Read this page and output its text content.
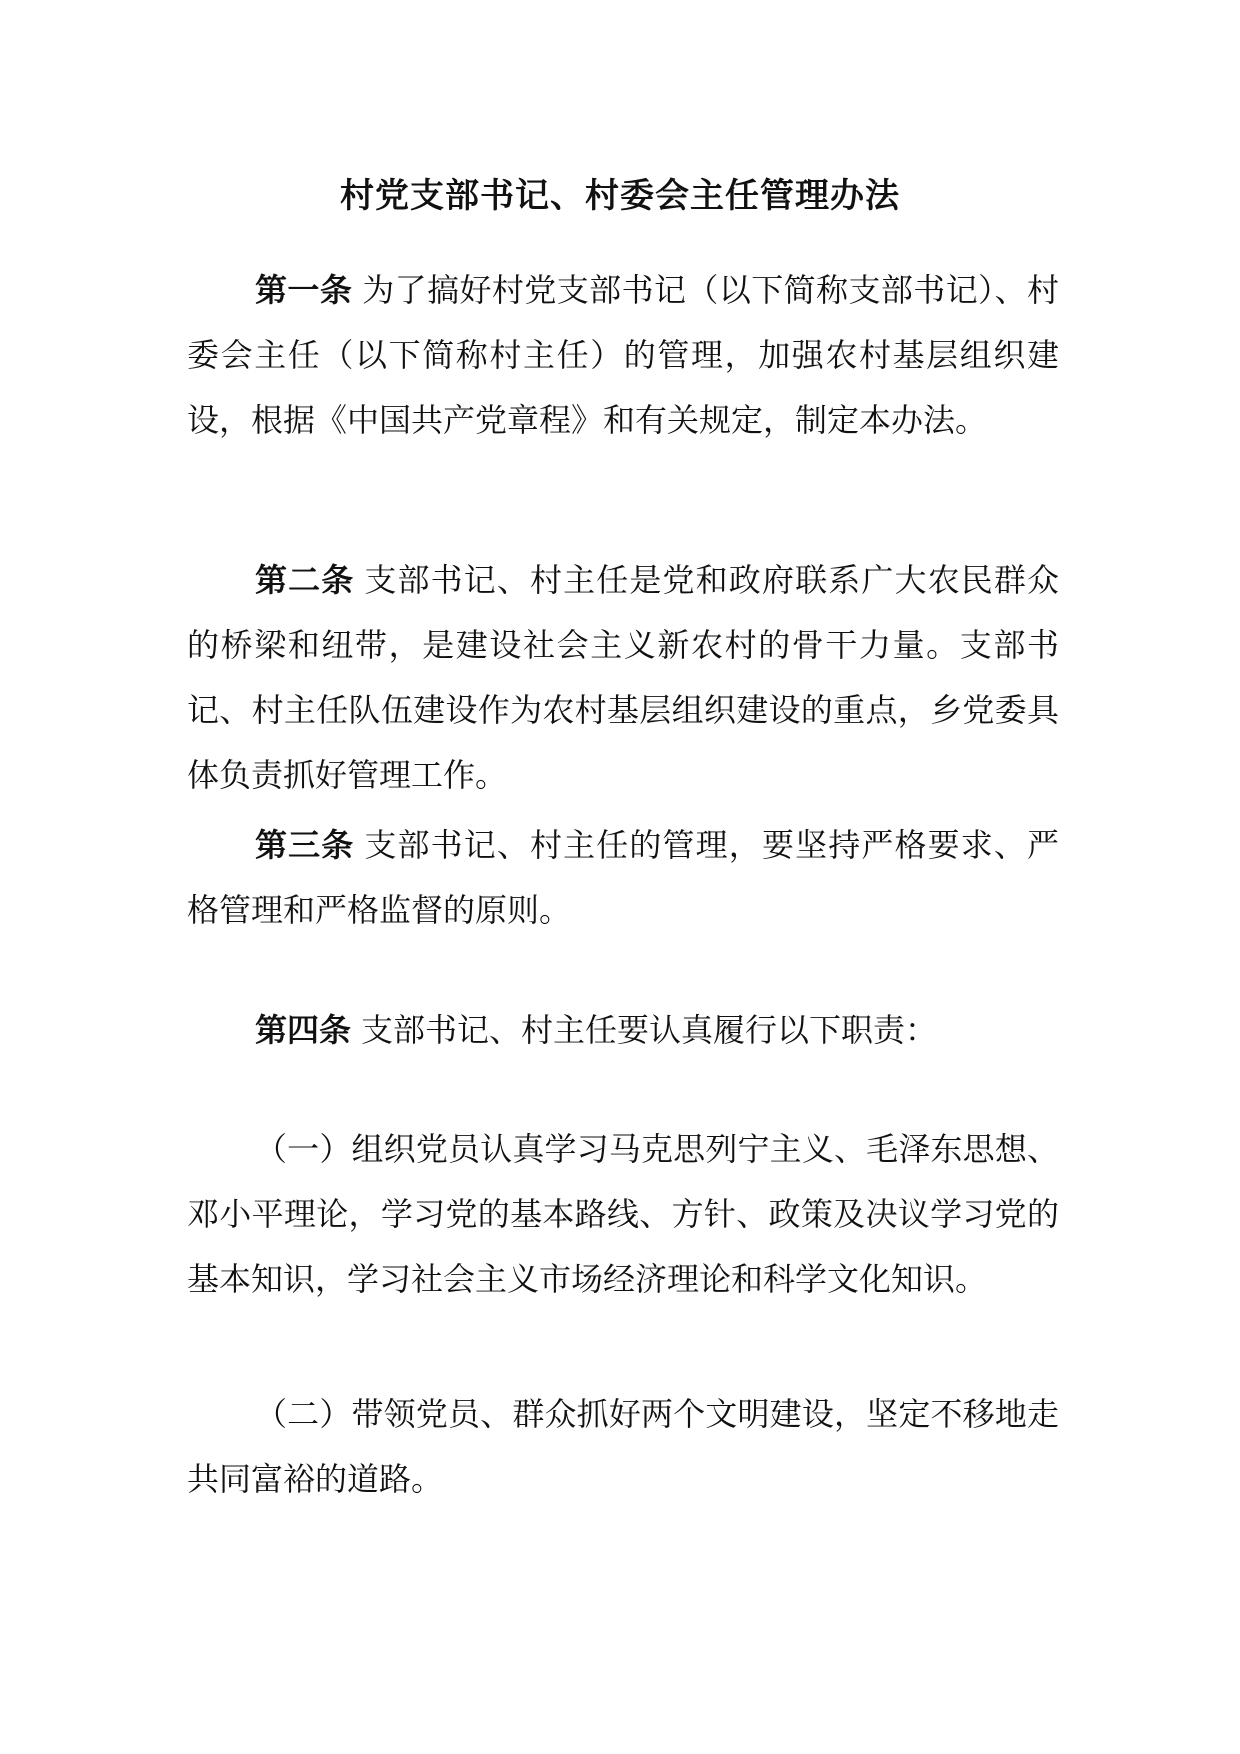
村党支部书记、村委会主任管理办法

第一条 为了搞好村党支部书记（以下简称支部书记）、村委会主任（以下简称村主任）的管理，加强农村基层组织建设，根据《中国共产党章程》和有关规定，制定本办法。

第二条 支部书记、村主任是党和政府联系广大农民群众的桥梁和纽带，是建设社会主义新农村的骨干力量。支部书记、村主任队伍建设作为农村基层组织建设的重点，乡党委具体负责抓好管理工作。

第三条 支部书记、村主任的管理，要坚持严格要求、严格管理和严格监督的原则。

第四条 支部书记、村主任要认真履行以下职责：

（一）组织党员认真学习马克思列宁主义、毛泽东思想、邓小平理论，学习党的基本路线、方针、政策及决议学习党的基本知识，学习社会主义市场经济理论和科学文化知识。

（二）带领党员、群众抓好两个文明建设，坚定不移地走共同富裕的道路。
